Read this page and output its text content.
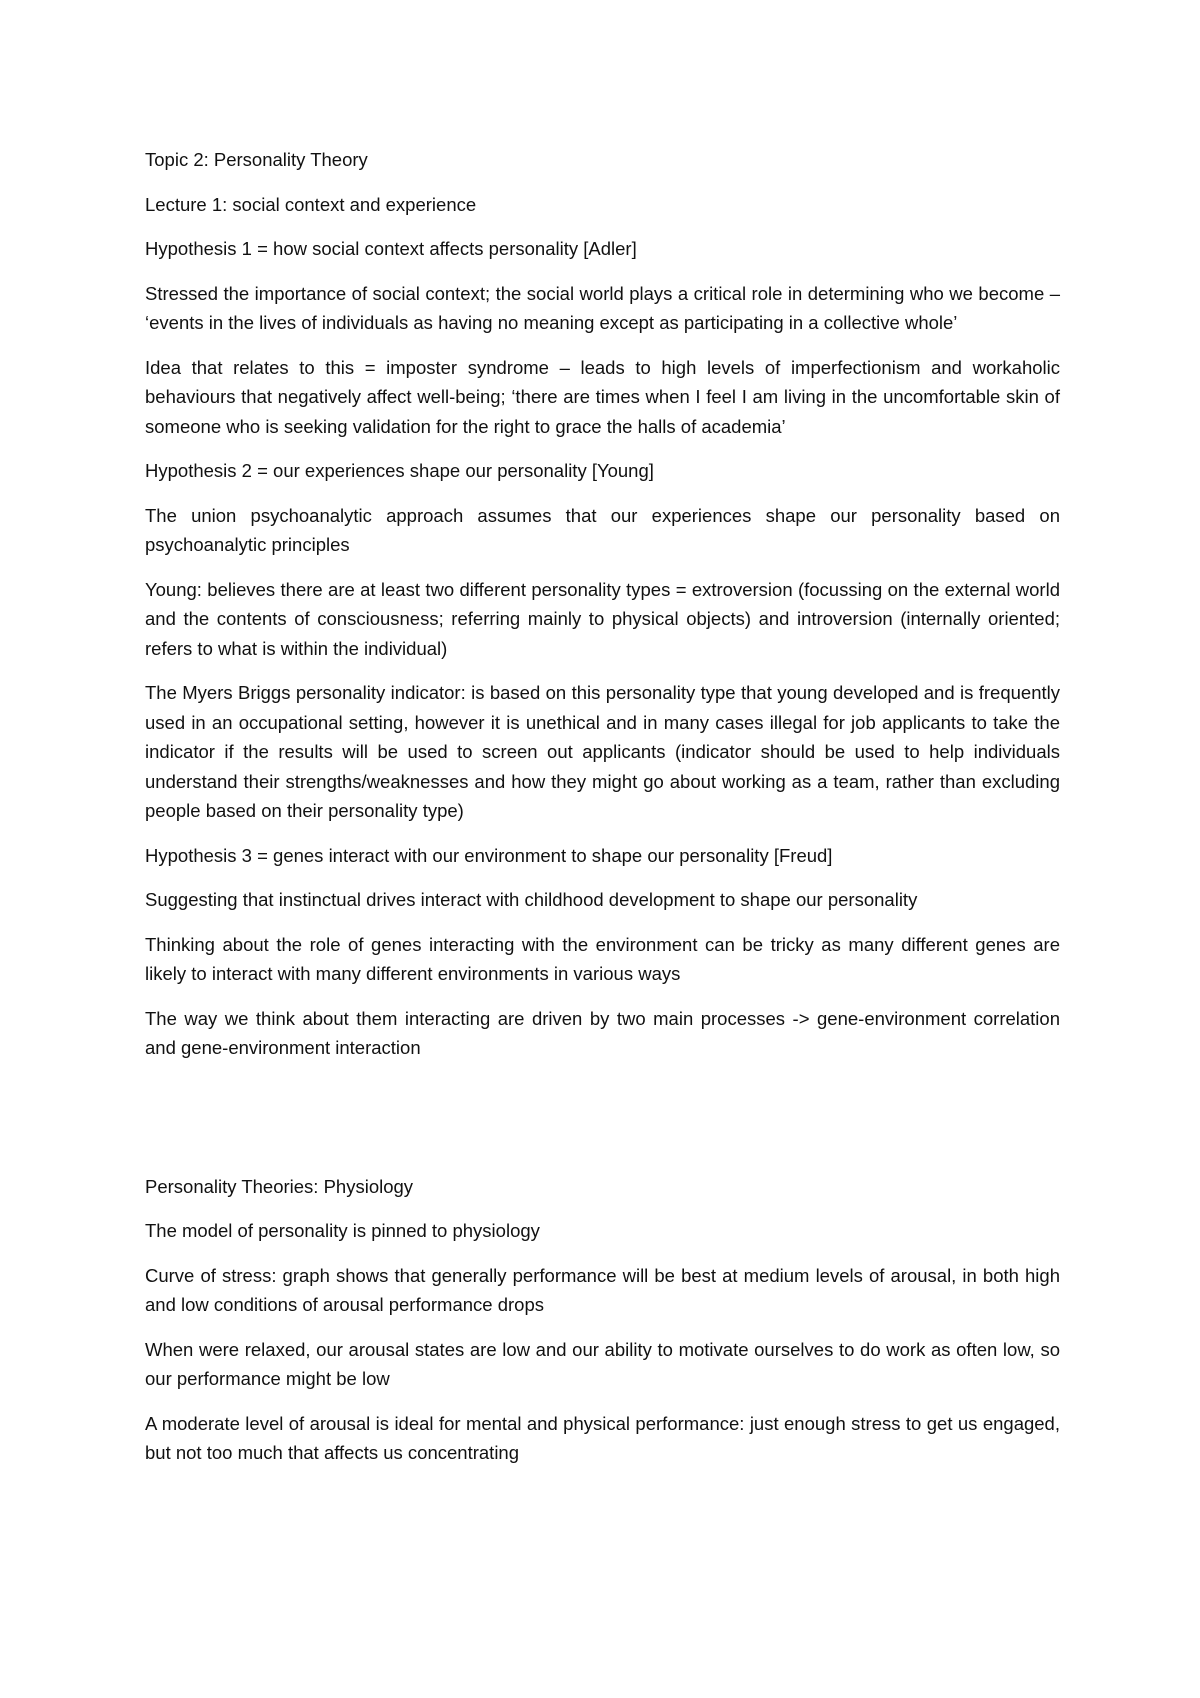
Topic 2: Personality Theory

Lecture 1: social context and experience

Hypothesis 1 = how social context affects personality [Adler]

Stressed the importance of social context; the social world plays a critical role in determining who we become – ‘events in the lives of individuals as having no meaning except as participating in a collective whole’

Idea that relates to this = imposter syndrome – leads to high levels of imperfectionism and workaholic behaviours that negatively affect well-being; ‘there are times when I feel I am living in the uncomfortable skin of someone who is seeking validation for the right to grace the halls of academia’

Hypothesis 2 = our experiences shape our personality [Young]

The union psychoanalytic approach assumes that our experiences shape our personality based on psychoanalytic principles

Young: believes there are at least two different personality types = extroversion (focussing on the external world and the contents of consciousness; referring mainly to physical objects) and introversion (internally oriented; refers to what is within the individual)

The Myers Briggs personality indicator: is based on this personality type that young developed and is frequently used in an occupational setting, however it is unethical and in many cases illegal for job applicants to take the indicator if the results will be used to screen out applicants (indicator should be used to help individuals understand their strengths/weaknesses and how they might go about working as a team, rather than excluding people based on their personality type)

Hypothesis 3 = genes interact with our environment to shape our personality [Freud]

Suggesting that instinctual drives interact with childhood development to shape our personality

Thinking about the role of genes interacting with the environment can be tricky as many different genes are likely to interact with many different environments in various ways

The way we think about them interacting are driven by two main processes -> gene-environment correlation and gene-environment interaction

Personality Theories: Physiology

The model of personality is pinned to physiology

Curve of stress: graph shows that generally performance will be best at medium levels of arousal, in both high and low conditions of arousal performance drops

When were relaxed, our arousal states are low and our ability to motivate ourselves to do work as often low, so our performance might be low

A moderate level of arousal is ideal for mental and physical performance: just enough stress to get us engaged, but not too much that affects us concentrating
